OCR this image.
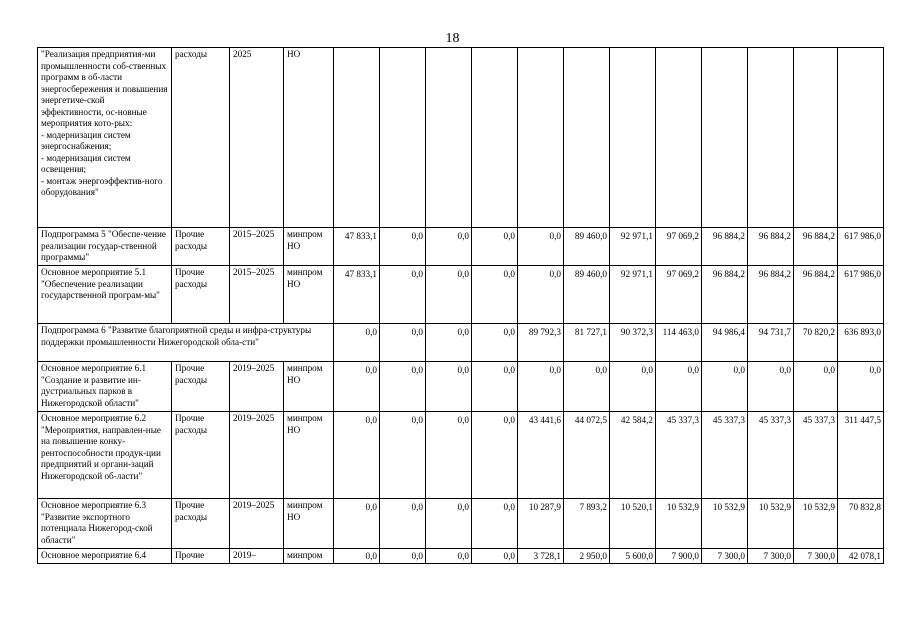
18
"Реализация предприятия-ми промышленности соб-ственных программ в об-ласти энергосбережения и повышения энергетиче-ской эффективности, ос-новные мероприятия кото-рых:
- модернизация систем энергоснабжения;
- модернизация систем освещения;
- монтаж энергоэффектив-ного оборудования"	расходы	2025	НО												
Подпрограмма 5 "Обеспе-чение реализации государ-ственной программы"	Прочие расходы	2015–2025	минпром НО	47 833,1	0,0	0,0	0,0	0,0	89 460,0	92 971,1	97 069,2	96 884,2	96 884,2	96 884,2	617 986,0
Основное мероприятие 5.1 "Обеспечение реализации государственной програм-мы"	Прочие расходы	2015–2025	минпром НО	47 833,1	0,0	0,0	0,0	0,0	89 460,0	92 971,1	97 069,2	96 884,2	96 884,2	96 884,2	617 986,0
Подпрограмма 6 "Развитие благоприятной среды и инфра-структуры поддержки промышленности Нижегородской обла-сти"				0,0	0,0	0,0	0,0	89 792,3	81 727,1	90 372,3	114 463,0	94 986,4	94 731,7	70 820,2	636 893,0
Основное мероприятие 6.1 "Создание и развитие ин-дустриальных парков в Нижегородской области"	Прочие расходы	2019–2025	минпром НО	0,0	0,0	0,0	0,0	0,0	0,0	0,0	0,0	0,0	0,0	0,0	0,0
Основное мероприятие 6.2 "Мероприятия, направлен-ные на повышение конку-рентоспособности продук-ции предприятий и органи-заций Нижегородской об-ласти"	Прочие расходы	2019–2025	минпром НО	0,0	0,0	0,0	0,0	43 441,6	44 072,5	42 584,2	45 337,3	45 337,3	45 337,3	45 337,3	311 447,5
Основное мероприятие 6.3 "Развитие экспортного потенциала Нижегород-ской области"	Прочие расходы	2019–2025	минпром НО	0,0	0,0	0,0	0,0	10 287,9	7 893,2	10 520,1	10 532,9	10 532,9	10 532,9	10 532,9	70 832,8
Основное мероприятие 6.4	Прочие	2019–	минпром	0,0	0,0	0,0	0,0	3 728,1	2 950,0	5 600,0	7 900,0	7 300,0	7 300,0	7 300,0	42 078,1
